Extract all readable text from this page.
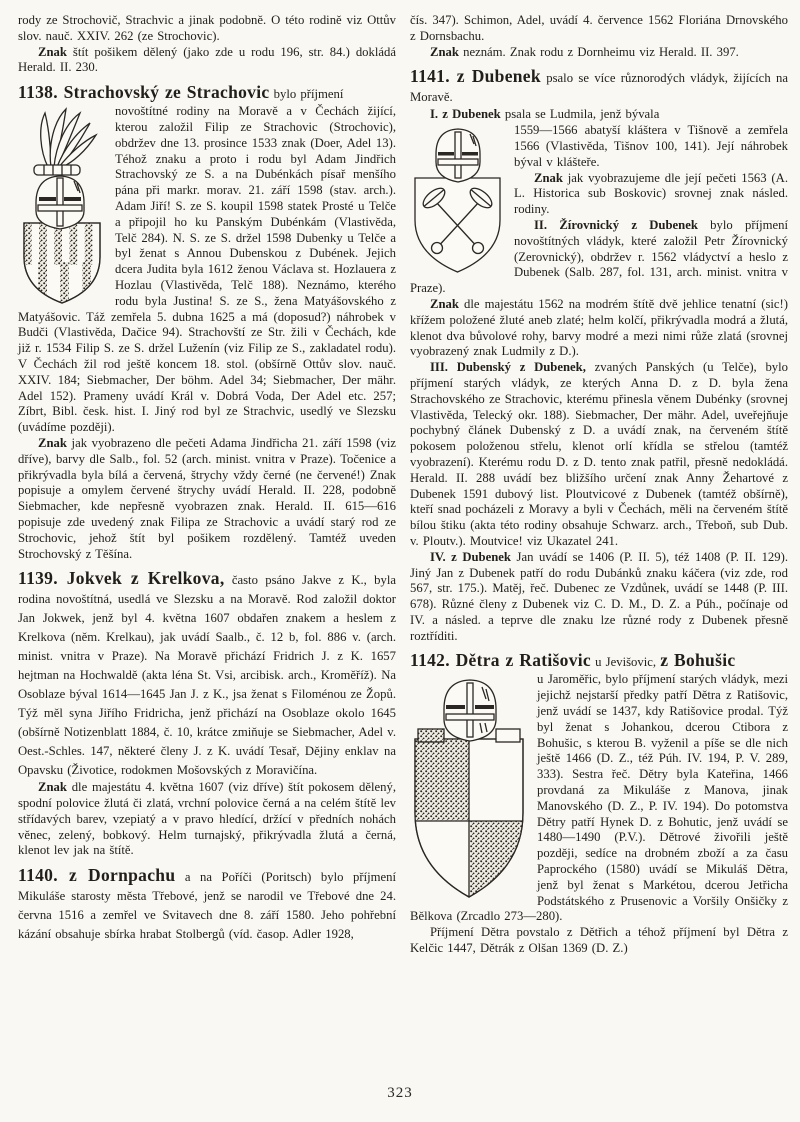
rody ze Strochovič, Strachvic a jinak podobně. O této rodině viz Ottův slov. nauč. XXIV. 262 (ze Strochovic).

Znak štít pošikem dělený (jako zde u rodu 196, str. 84.) dokládá Herald. II. 230.

1138. Strachovský ze Strachovic bylo příjmení

novoštítné rodiny na Moravě a v Čechách žijící, kterou založil Filip ze Strachovic (Strochovic), obdržev dne 13. prosince 1533 znak (Doer, Adel 13). Téhož znaku a proto i rodu byl Adam Jindřich Strachovský ze S. a na Dubénkách písař menšího pána při markr. morav. 21. září 1598 (stav. arch.). Adam Jiří! S. ze S. koupil 1598 statek Prosté u Telče a připojil ho ku Panským Dubénkám (Vlastivěda, Telč 284). N. S. ze S. držel 1598 Dubenky u Telče a byl ženat s Annou Dubenskou z Dubének. Jejich dcera Judita byla 1612 ženou Václava st. Hozlauera z Hozlau (Vlastivěda, Telč 188). Neznámo, kterého rodu byla Justina! S. ze S., žena Matyášovského z Matyášovic. Táž zemřela 5. dubna 1625 a má (doposud?) náhrobek v Budči (Vlastivěda, Dačice 94). Strachovští ze Str. žili v Čechách, kde již r. 1534 Filip S. ze S. držel Luženín (viz Filip ze S., zakladatel rodu). V Čechách žil rod ještě koncem 18. stol. (obšírně Ottův slov. nauč. XXIV. 184; Siebmacher, Der böhm. Adel 34; Siebmacher, Der mähr. Adel 152). Prameny uvádí Král v. Dobrá Voda, Der Adel etc. 257; Zíbrt, Bibl. česk. hist. I. Jiný rod byl ze Strachvic, usedlý ve Slezsku (uvádíme později).

Znak jak vyobrazeno dle pečeti Adama Jindřicha 21. září 1598 (viz dříve), barvy dle Salb., fol. 52 (arch. minist. vnitra v Praze). Točenice a přikrývadla byla bílá a červená, štrychy vždy černé (ne červené!) Znak popisuje a omylem červené štrychy uvádí Herald. II. 228, podobně Siebmacher, kde nepřesně vyobrazen znak. Herald. II. 615—616 popisuje zde uvedený znak Filipa ze Strachovic a uvádí starý rod ze Strochovic, jehož štít byl pošikem rozdělený. Tamtéž uveden Strochovský z Těšína.

1139. Jokvek z Krelkova, často psáno Jakve z K., byla rodina novoštítná, usedlá ve Slezsku a na Moravě. Rod založil doktor Jan Jokwek, jenž byl 4. května 1607 obdařen znakem a heslem z Krelkova (něm. Krelkau), jak uvádí Saalb., č. 12 b, fol. 886 v. (arch. minist. vnitra v Praze). Na Moravě přichází Fridrich J. z K. 1657 hejtman na Hochwaldě (akta léna St. Vsi, arcibisk. arch., Kroměříž). Na Osoblaze býval 1614—1645 Jan J. z K., jsa ženat s Filoménou ze Žopů. Týž měl syna Jiřího Fridricha, jenž přichází na Osoblaze okolo 1645 (obšírně Notizenblatt 1884, č. 10, krátce zmiňuje se Siebmacher, Adel v. Oest.-Schles. 147, některé členy J. z K. uvádí Tesař, Dějiny enklav na Opavsku (Životice, rodokmen Mošovských z Moravičína.

Znak dle majestátu 4. května 1607 (viz dříve) štít pokosem dělený, spodní polovice žlutá či zlatá, vrchní polovice černá a na celém štítě lev střídavých barev, vzepiatý a v pravo hledící, držící v předních nohách věnec, zelený, bobkový. Helm turnajský, přikrývadla žlutá a černá, klenot lev jak na štítě.

1140. z Dornpachu a na Poříči (Poritsch) bylo příjmení Mikuláše starosty města Třebové, jenž se narodil ve Třebové dne 24. června 1516 a zemřel ve Svitavech dne 8. září 1580. Jeho pohřební kázání obsahuje sbírka hrabat Stolbergů (víd. časop. Adler 1928,

čís. 347). Schimon, Adel, uvádí 4. července 1562 Floriána Drnovského z Dornsbachu.

Znak neznám. Znak rodu z Dornheimu viz Herald. II. 397.

1141. z Dubenek psalo se více různorodých vládyk, žijících na Moravě.

I. z Dubenek psala se Ludmila, jenž bývala

1559—1566 abatyší kláštera v Tišnově a zemřela 1566 (Vlastivěda, Tišnov 100, 141). Její náhrobek býval v klášteře.

Znak jak vyobrazujeme dle její pečeti 1563 (A. L. Historica sub Boskovic) srovnej znak násled. rodiny.

II. Žírovnický z Dubenek bylo příjmení novoštítných vládyk, které založil Petr Žírovnický (Zerovnický), obdržev r. 1562 vládyctví a heslo z Dubenek (Salb. 287, fol. 131, arch. minist. vnitra v Praze).

Znak dle majestátu 1562 na modrém štítě dvě jehlice tenatní (sic!) křížem položené žluté aneb zlaté; helm kolčí, přikrývadla modrá a žlutá, klenot dva bůvolové rohy, barvy modré a mezi nimi růže zlatá (srovnej vyobrazený znak Ludmily z D.).

III. Dubenský z Dubenek, zvaných Panských (u Telče), bylo příjmení starých vládyk, ze kterých Anna D. z D. byla žena Strachovského ze Strachovic, kterému přinesla věnem Dubénky (srovnej Vlastivěda, Telecký okr. 188). Siebmacher, Der mähr. Adel, uveřejňuje pochybný článek Dubenský z D. a uvádí znak, na červeném štítě pokosem položenou střelu, klenot orlí křídla se střelou (tamtéž vyobrazení). Kterému rodu D. z D. tento znak patřil, přesně nedokládá. Herald. II. 288 uvádí bez bližšího určení znak Anny Žehartové z Dubenek 1591 dubový list. Ploutvicové z Dubenek (tamtéž obšírně), kteří snad pocházeli z Moravy a byli v Čechách, měli na červeném štítě bílou štiku (akta této rodiny obsahuje Schwarz. arch., Třeboň, sub Dub. v. Ploutv.). Moutvice! viz Ukazatel 241.

IV. z Dubenek Jan uvádí se 1406 (P. II. 5), též 1408 (P. II. 129). Jiný Jan z Dubenek patří do rodu Dubánků znaku káčera (viz zde, rod 567, str. 175.). Matěj, řeč. Dubenec ze Vzdůnek, uvádí se 1448 (P. III. 678). Různé členy z Dubenek viz C. D. M., D. Z. a Púh., počínaje od IV. a násled. a teprve dle znaku lze různé rody z Dubenek přesně roztříditi.

1142. Dětra z Ratišovic u Jevišovic, z Bohušic

u Jaroměřic, bylo příjmení starých vládyk, mezi jejichž nejstarší předky patří Dětra z Ratišovic, jenž uvádí se 1437, kdy Ratišovice prodal. Týž byl ženat s Johankou, dcerou Ctibora z Bohušic, s kterou B. vyženil a píše se dle nich ještě 1466 (D. Z., též Púh. IV. 194, P. V. 289, 333). Sestra řeč. Dětry byla Kateřina, 1466 provdaná za Mikuláše z Manova, jinak Manovského (D. Z., P. IV. 194). Do potomstva Dětry patří Hynek D. z Bohutic, jenž uvádí se 1480—1490 (P.V.). Dětrové živořili ještě později, sedíce na drobném zboží a za času Paprockého (1580) uvádí se Mikuláš Dětra, jenž byl ženat s Markétou, dcerou Jetřicha Podstátského z Prusenovic a Voršily Onšičky z Bělkova (Zrcadlo 273—280).

Příjmení Dětra povstalo z Dětřich a téhož příjmení byl Dětra z Kelčic 1447, Dětrák z Olšan 1369 (D. Z.)

323
